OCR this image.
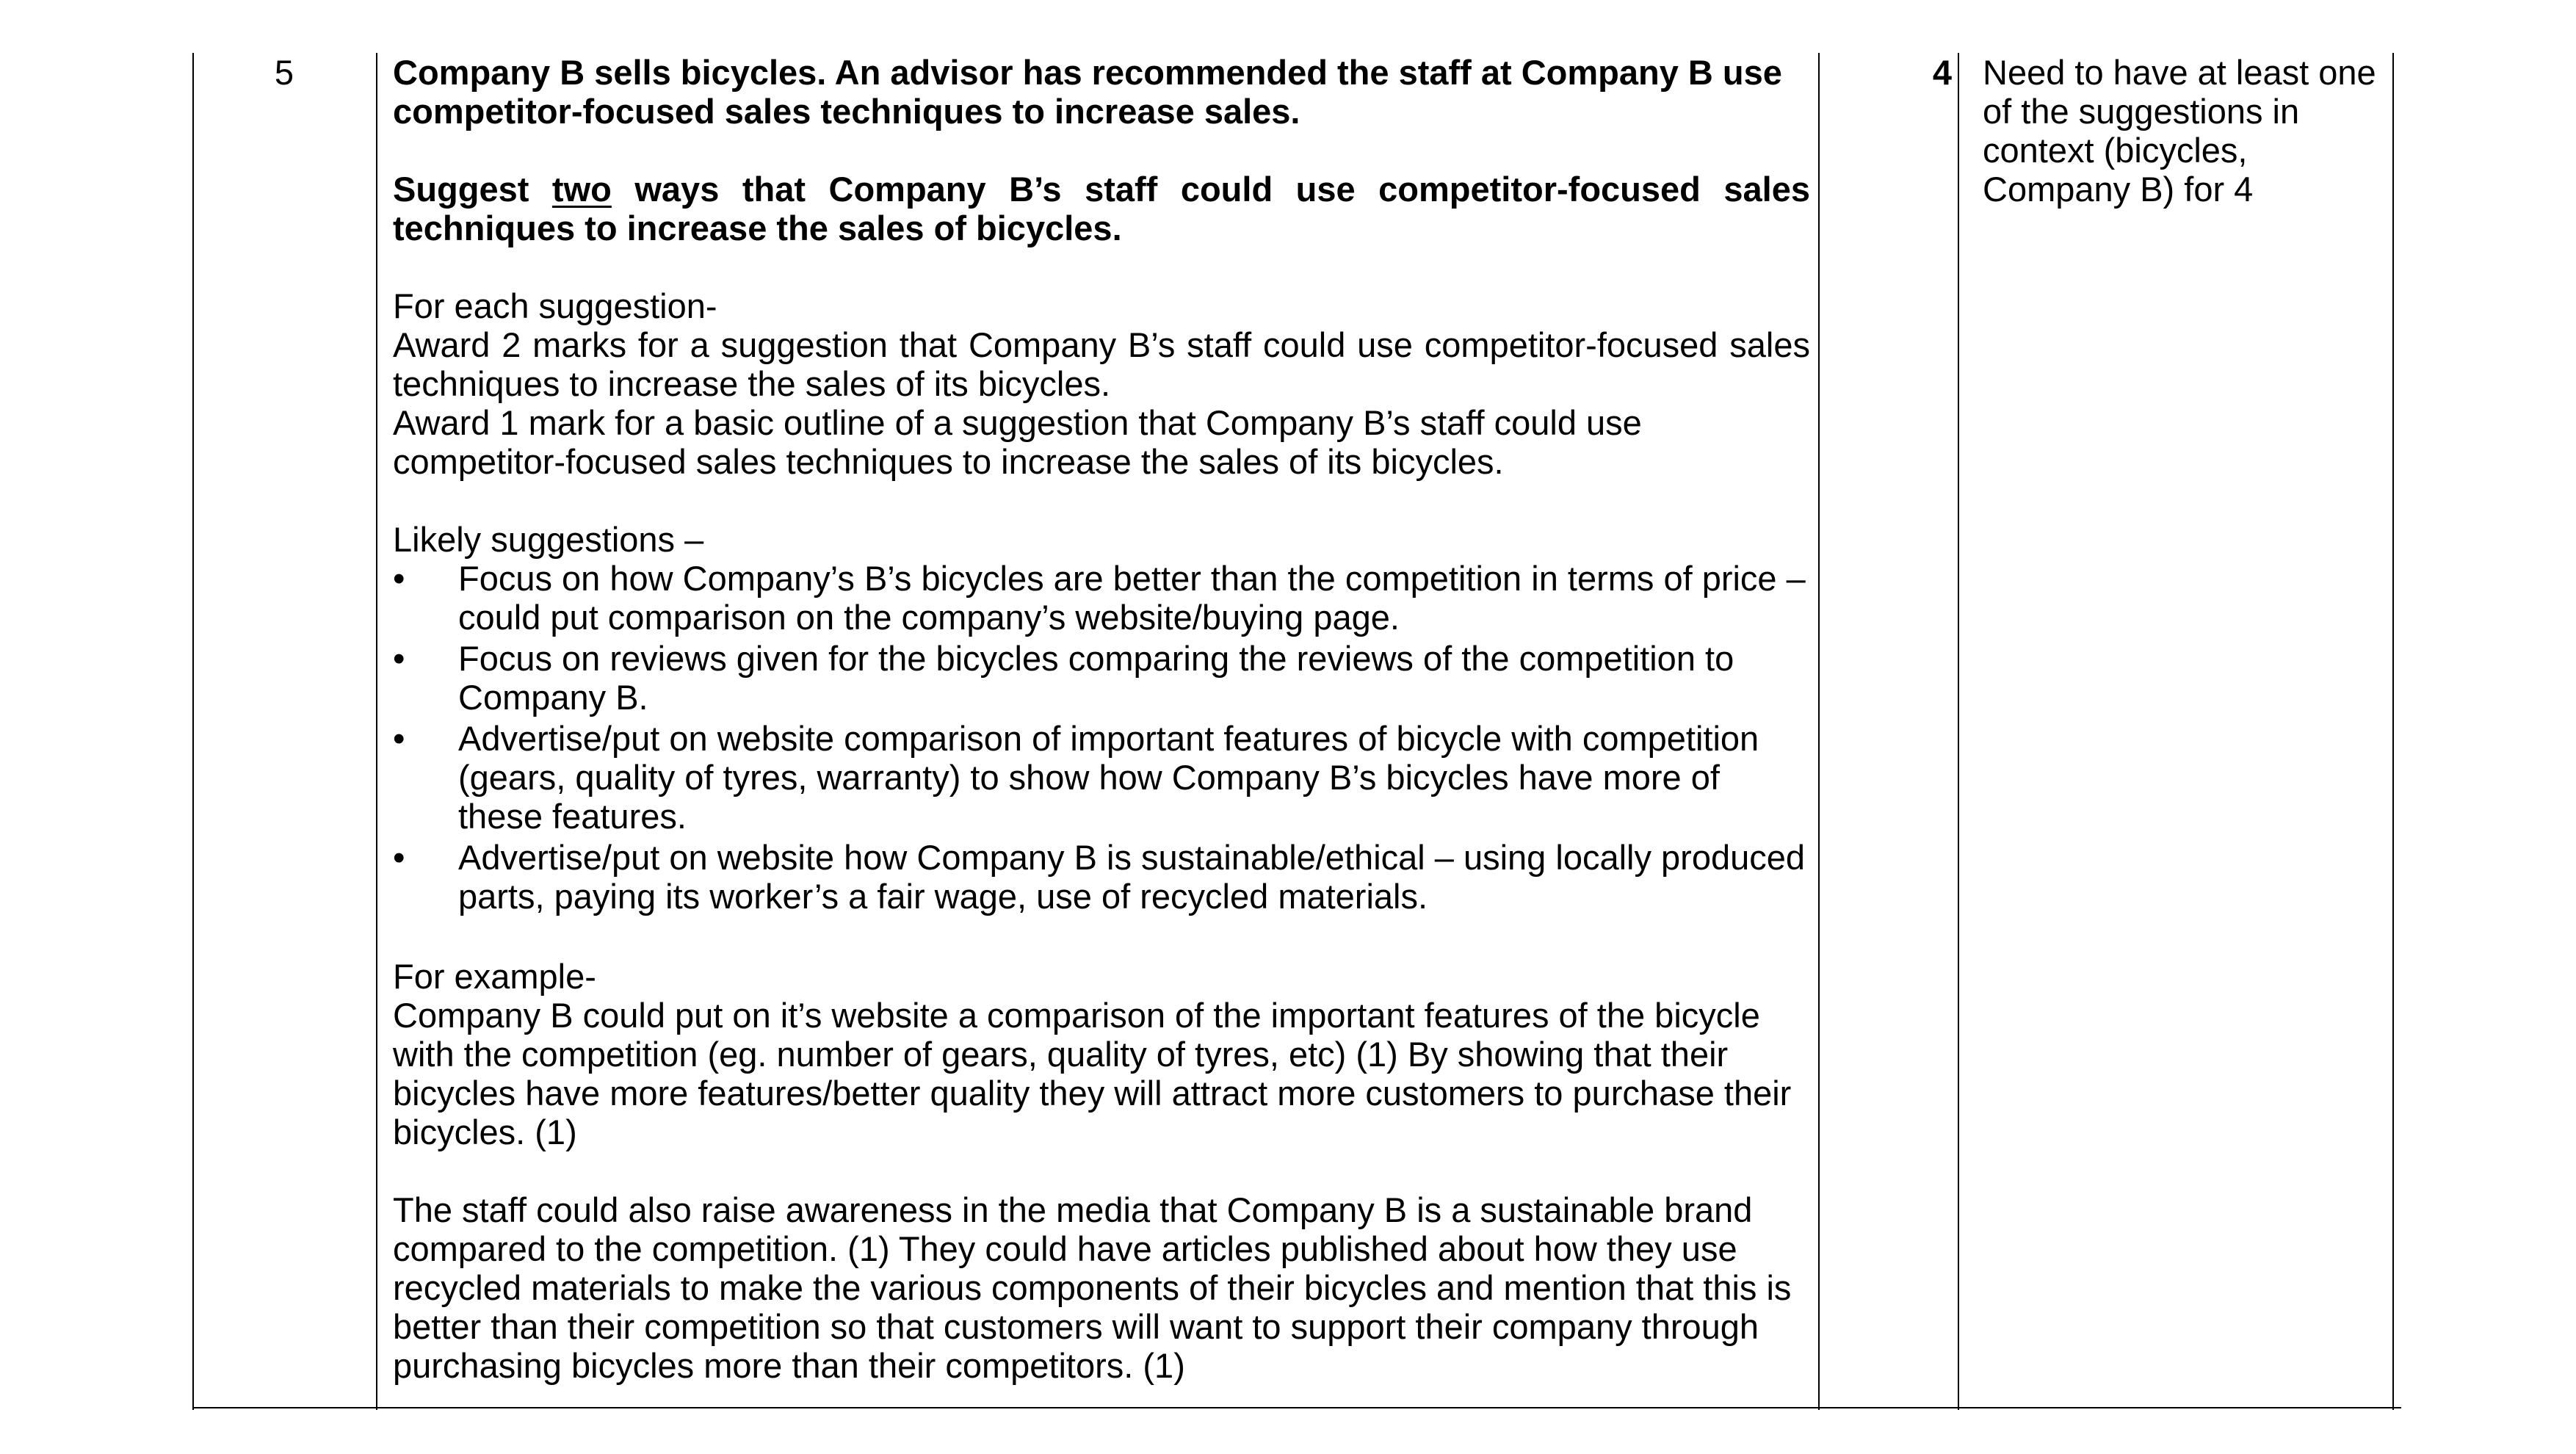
5	Company B sells bicycles. An advisor has recommended the staff at Company B use competitor-focused sales techniques to increase sales.

Suggest two ways that Company B’s staff could use competitor-focused sales techniques to increase the sales of bicycles.

For each suggestion-

Award 2 marks for a suggestion that Company B’s staff could use competitor-focused sales techniques to increase the sales of its bicycles.

Award 1 mark for a basic outline of a suggestion that Company B’s staff could use competitor-focused sales techniques to increase the sales of its bicycles.

Likely suggestions –

•	Focus on how Company’s B’s bicycles are better than the competition in terms of price – could put comparison on the company’s website/buying page.
•	Focus on reviews given for the bicycles comparing the reviews of the competition to Company B.
•	Advertise/put on website comparison of important features of bicycle with competition (gears, quality of tyres, warranty) to show how Company B’s bicycles have more of these features.
•	Advertise/put on website how Company B is sustainable/ethical – using locally produced parts, paying its worker’s a fair wage, use of recycled materials.

For example-

Company B could put on it’s website a comparison of the important features of the bicycle with the competition (eg. number of gears, quality of tyres, etc) (1) By showing that their bicycles have more features/better quality they will attract more customers to purchase their bicycles. (1)

The staff could also raise awareness in the media that Company B is a sustainable brand compared to the competition. (1) They could have articles published about how they use recycled materials to make the various components of their bicycles and mention that this is better than their competition so that customers will want to support their company through purchasing bicycles more than their competitors. (1)

4 Need to have at least one of the suggestions in context (bicycles, Company B) for 4
